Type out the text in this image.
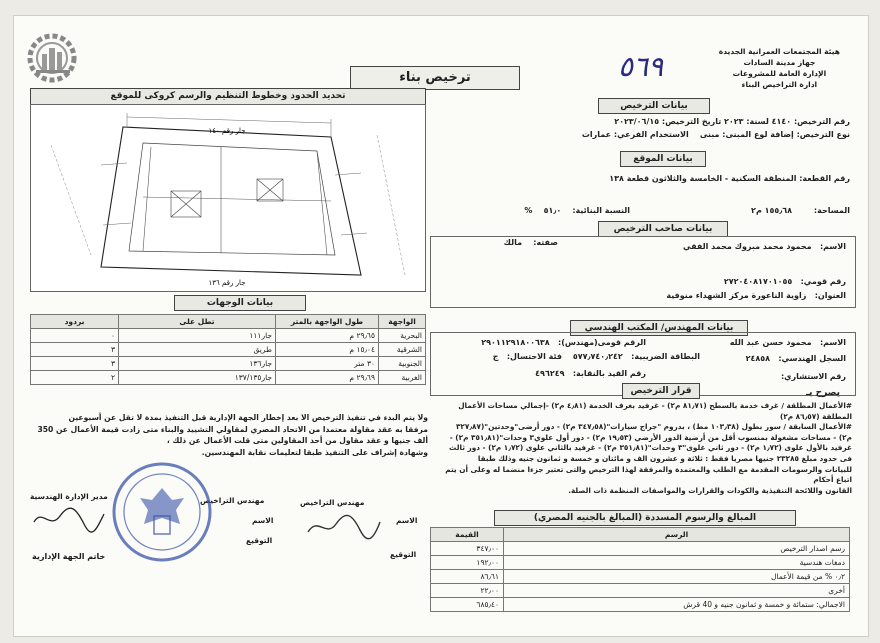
٥٦٩	هيئة المجتمعات العمرانية الجديدة
جهاز مدينة السادات
الإدارة العامة للمشروعات
ادارة التراخيص البناء
ترخيص بناء
تحديد الحدود وخطوط التنظيم والرسم كروكى للموقع
جار رقم ١٤٠
جار رقم ١٣٦
بيانات الوجهات
الواجهة	طول الواجهة بالمتر	تطل على	بردود
البحرية	٢٩٫٦٥ م	جار١١١	٠
الشرقية	١٥٫٠٤ م	طريق	٣
الجنوبية	٣٠ متر	جار١٣٦	٣
الغربية	٢٩٫٦٩ م	جار١٣٧/١٣٥	٢
ولا يتم البدء في تنفيذ الترخيص الا بعد إخطار الجهة الإدارية قبل التنفيذ بمدة لا تقل عن أسبوعين
مرفقا به عقد مقاولة معتمدا من الاتحاد المصري لمقاولي التشييد والبناء متى زادت قيمة الأعمال عن 350
ألف جنيها و عقد مقاول من أحد المقاولين متى قلت الأعمال عن ذلك ،
وشهادة إشراف على التنفيذ طبقا لتعليمات نقابة المهندسين.
مهندس التراخيص
الاسم
التوقيع
مهندس التراخيص
الاسم
التوقيع
مدير الإدارة الهندسية
خاتم الجهة الإدارية
بيانات الترخيص
رقم الترخيص: ٤١٤٠ لسنة: ٢٠٢٣ تاريخ الترخيص: ٢٠٢٣/٠٦/١٥
نوع الترخيص: إضافة لوع المبنى: مبنى    الاستخدام الفرعي: عمارات
بيانات الموقع
رقم القطعة: المنطقة السكنية - الخامسة والثلاثون قطعة ١٣٨
المساحة:
١٥٥٫٦٨ م٢
النسبة البنائية:    ٥١٫٠    %
بيانات صاحب الترخيص
الاسم:   محمود محمد مبروك محمد الفقي
صفته:    مالك
رقم قومي:   ٢٧٢٠٤٠٨١٧٠١٠٥٥
العنوان:   زاوية الناعورة مركز الشهداء منوفية
بيانات المهندس/ المكتب الهندسي
الاسم:   محمود حسن عبد الله
الرقم قومى(مهندس):   ٢٩٠١١٢٩١٨٠٠٦٣٨
السجل الهندسي:   ٢٤٨٥٨
البطاقة الضريبية:   ٥٧٧٫٧٤٠٫٢٤٢
فئة الاحتسال:   ج
رقم القيد بالنقابة:   ٤٩٦٢٤٩	رقم الاستشاري:
يصرح بـ
قرار الترخيص
#الأعمال المطلقة / غرف خدمة بالسطح (٨١٫٧١ م٢) - غرفيد بغرف الخدمة (٤٫٨١ م٢) -إجمالي مساحات الأعمال
المطلقة (٨٦٫٥٧ م٢)
#الأعمال السابقة / سور بطول (١٠٣٫٣٨ مط) ، بدروم "جراج سيارات"(٣٤٧٫٥٨ م٢) - دور أرضى"وحدتين"(٣٢٧٫٨٧
م٢) - مساحات مشغولة بمنسوب أقل من أرضية الدور الأرضي (١٩٫٥٣ م٢) - دور أول علوي٣ وحدات"(٣٥١٫٨١ م٢) -
غرفيد بالأول علوى (١٫٧٢ م٢) - دور ثاني علوى"٣ وحدات"(٣٥١٫٨١ م٢) - غرفيد بالثاني علوى (١٫٧٢ م٢) - دور ثالث
فى حدود مبلغ ٢٣٢٨٥ جنيها مصريا فقط : ثلاثة و عشرون الف و مائتان و خمسة و ثمانون جنيه وذلك طبقا
للبيانات والرسومات المقدمة مع الطلب والمعتمدة والمرفقة لهذا الترخيص والتى تعتبر جزءا منضما له وعلى أن يتم اتباع أحكام
القانون واللائحة التنفيذية والكودات والقرارات والمواصفات المنظمة ذات الصلة.
المبالغ والرسوم المسددة (المبالغ بالجنيه المصري)
الرسم	القيمة
رسم اصدار الترخيص	٣٤٧٫٠٠
دمغات هندسية	١٩٢٫٠٠
٠٫٢ % من قيمة الأعمال	٨٦٫٦١
أخرى	٢٢٫٠٠
الاجمالي: ستمائة و خمسة و ثمانون جنيه و 40 قرش	٦٨٥٫٤٠
